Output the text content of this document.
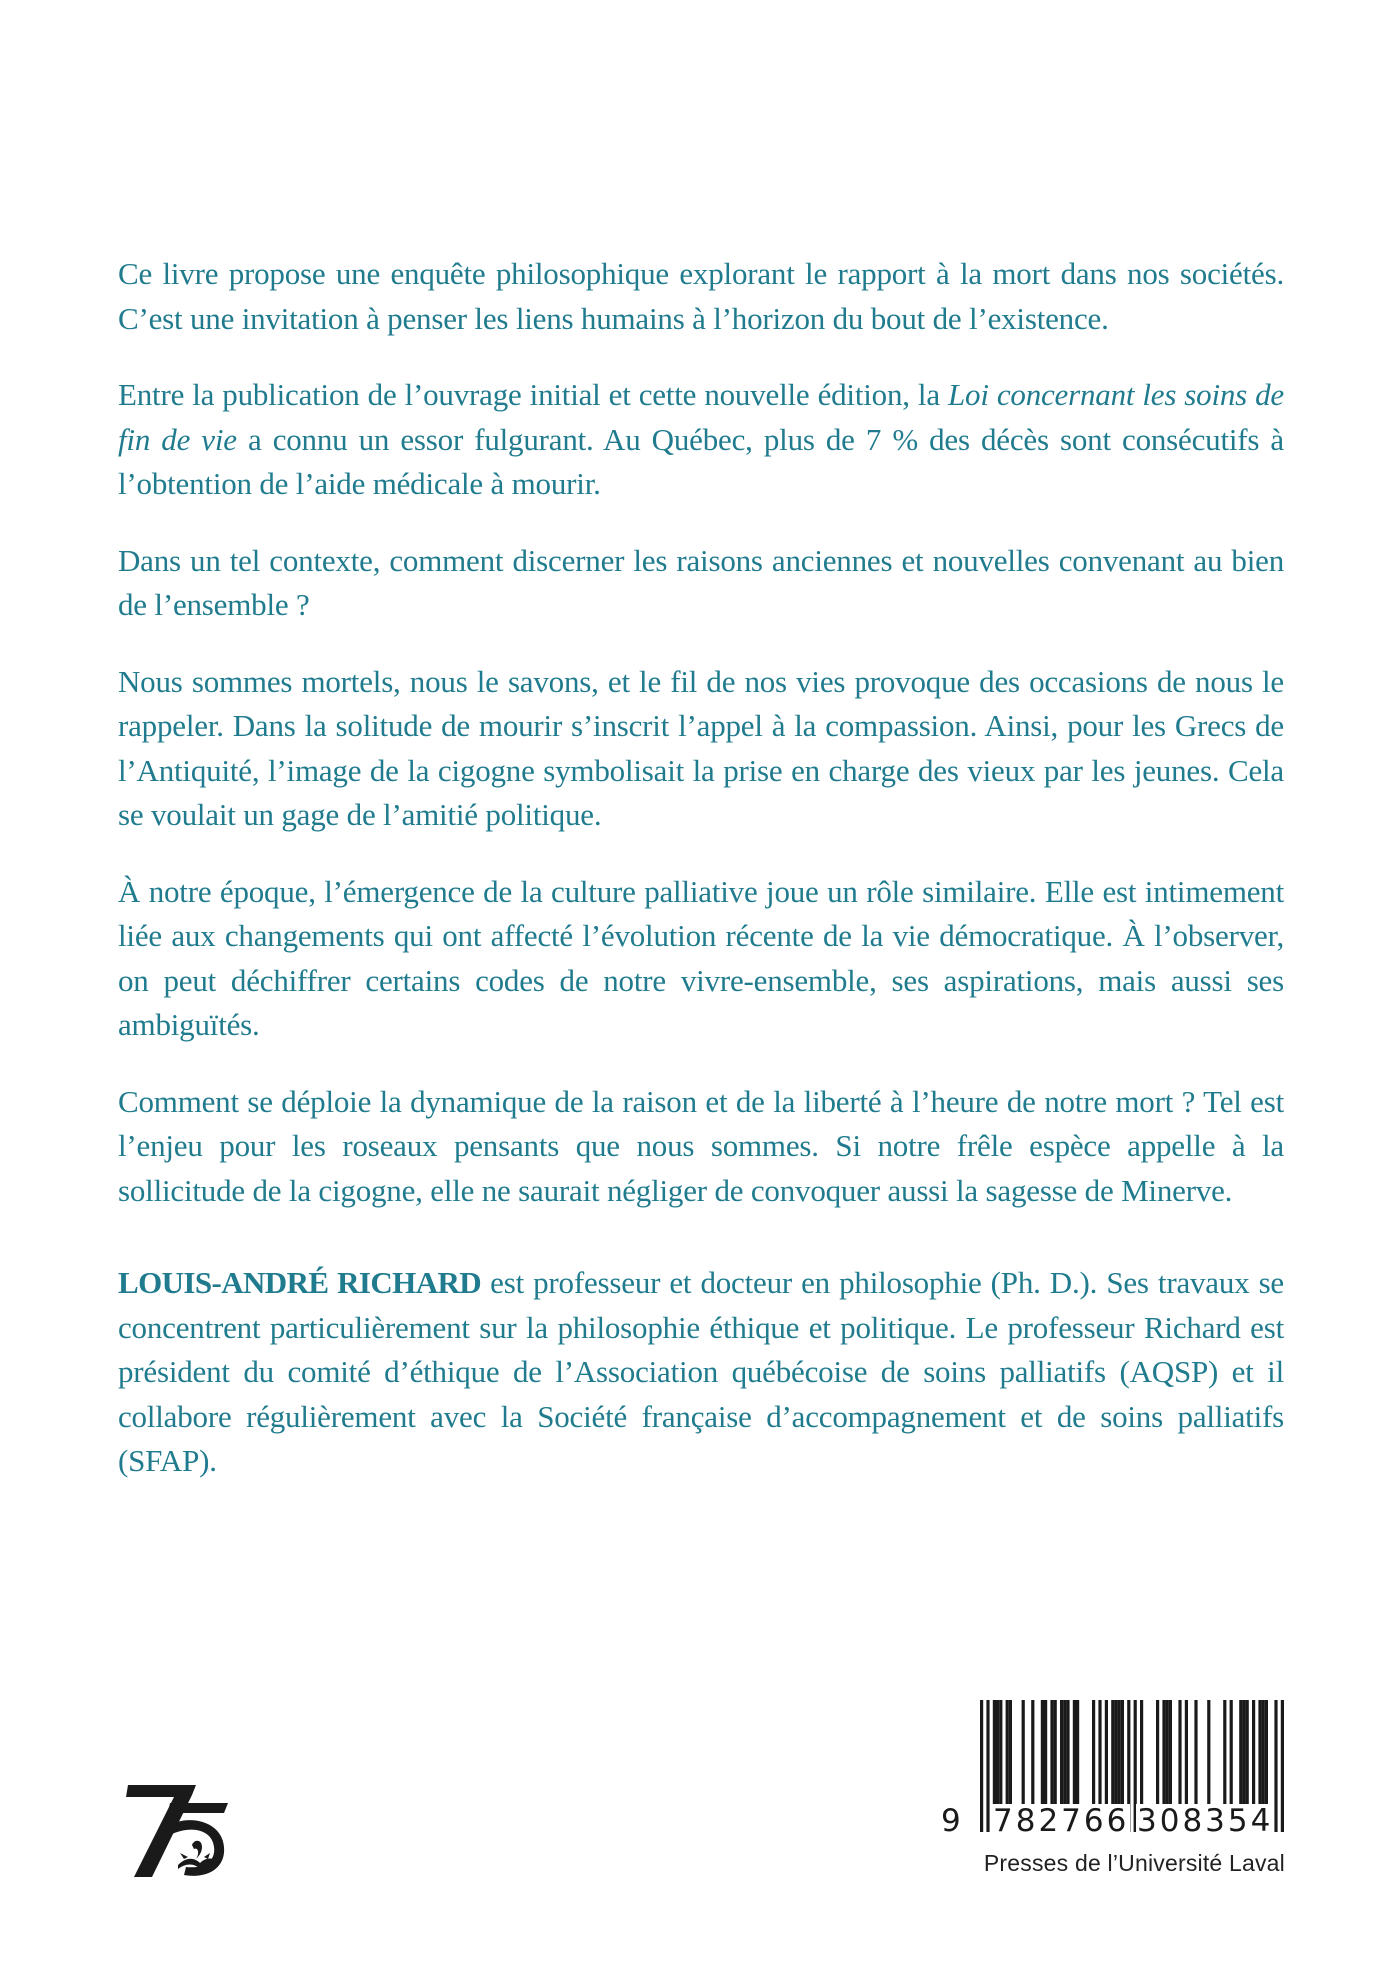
Ce livre propose une enquête philosophique explorant le rapport à la mort dans nos sociétés. C’est une invitation à penser les liens humains à l’horizon du bout de l’existence.

Entre la publication de l’ouvrage initial et cette nouvelle édition, la Loi concernant les soins de fin de vie a connu un essor fulgurant. Au Québec, plus de 7 % des décès sont consécutifs à l’obtention de l’aide médicale à mourir.

Dans un tel contexte, comment discerner les raisons anciennes et nouvelles convenant au bien de l’ensemble ?

Nous sommes mortels, nous le savons, et le fil de nos vies provoque des occasions de nous le rappeler. Dans la solitude de mourir s’inscrit l’appel à la compassion. Ainsi, pour les Grecs de l’Antiquité, l’image de la cigogne symbolisait la prise en charge des vieux par les jeunes. Cela se voulait un gage de l’amitié politique.

À notre époque, l’émergence de la culture palliative joue un rôle similaire. Elle est intimement liée aux changements qui ont affecté l’évolution récente de la vie démocratique. À l’observer, on peut déchiffrer certains codes de notre vivre-ensemble, ses aspirations, mais aussi ses ambiguïtés.

Comment se déploie la dynamique de la raison et de la liberté à l’heure de notre mort ? Tel est l’enjeu pour les roseaux pensants que nous sommes. Si notre frêle espèce appelle à la sollicitude de la cigogne, elle ne saurait négliger de convoquer aussi la sagesse de Minerve.

LOUIS-ANDRÉ RICHARD est professeur et docteur en philosophie (Ph. D.). Ses travaux se concentrent particulièrement sur la philosophie éthique et politique. Le professeur Richard est président du comité d’éthique de l’Association québécoise de soins palliatifs (AQSP) et il collabore régulièrement avec la Société française d’accompagnement et de soins palliatifs (SFAP).

9 782766 308354
Presses de l’Université Laval
